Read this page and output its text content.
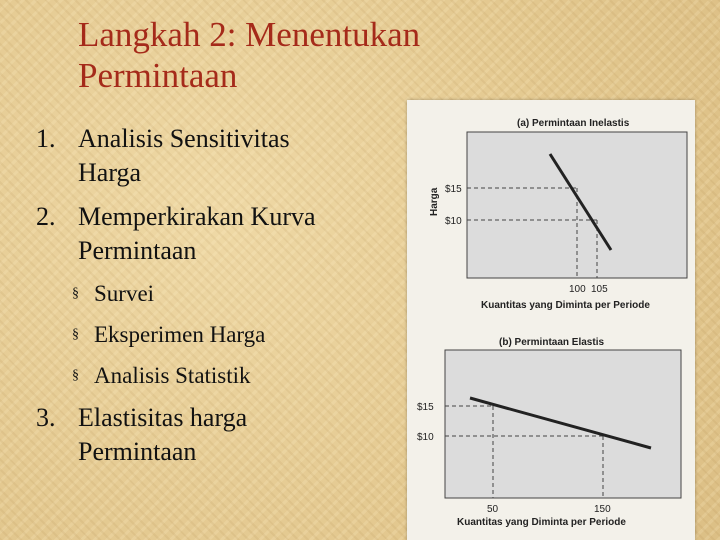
Langkah 2: Menentukan
Permintaan
1. Analisis Sensitivitas
Harga
2. Memperkirakan Kurva
Permintaan
§ Survei
§ Eksperimen Harga
§ Analisis Statistik
3. Elastisitas harga
Permintaan
(a) Permintaan Inelastis
$15
$10
Harga
100 105
Kuantitas yang Diminta per Periode
(b) Permintaan Elastis
$15
$10
50	150
Kuantitas yang Diminta per Periode
